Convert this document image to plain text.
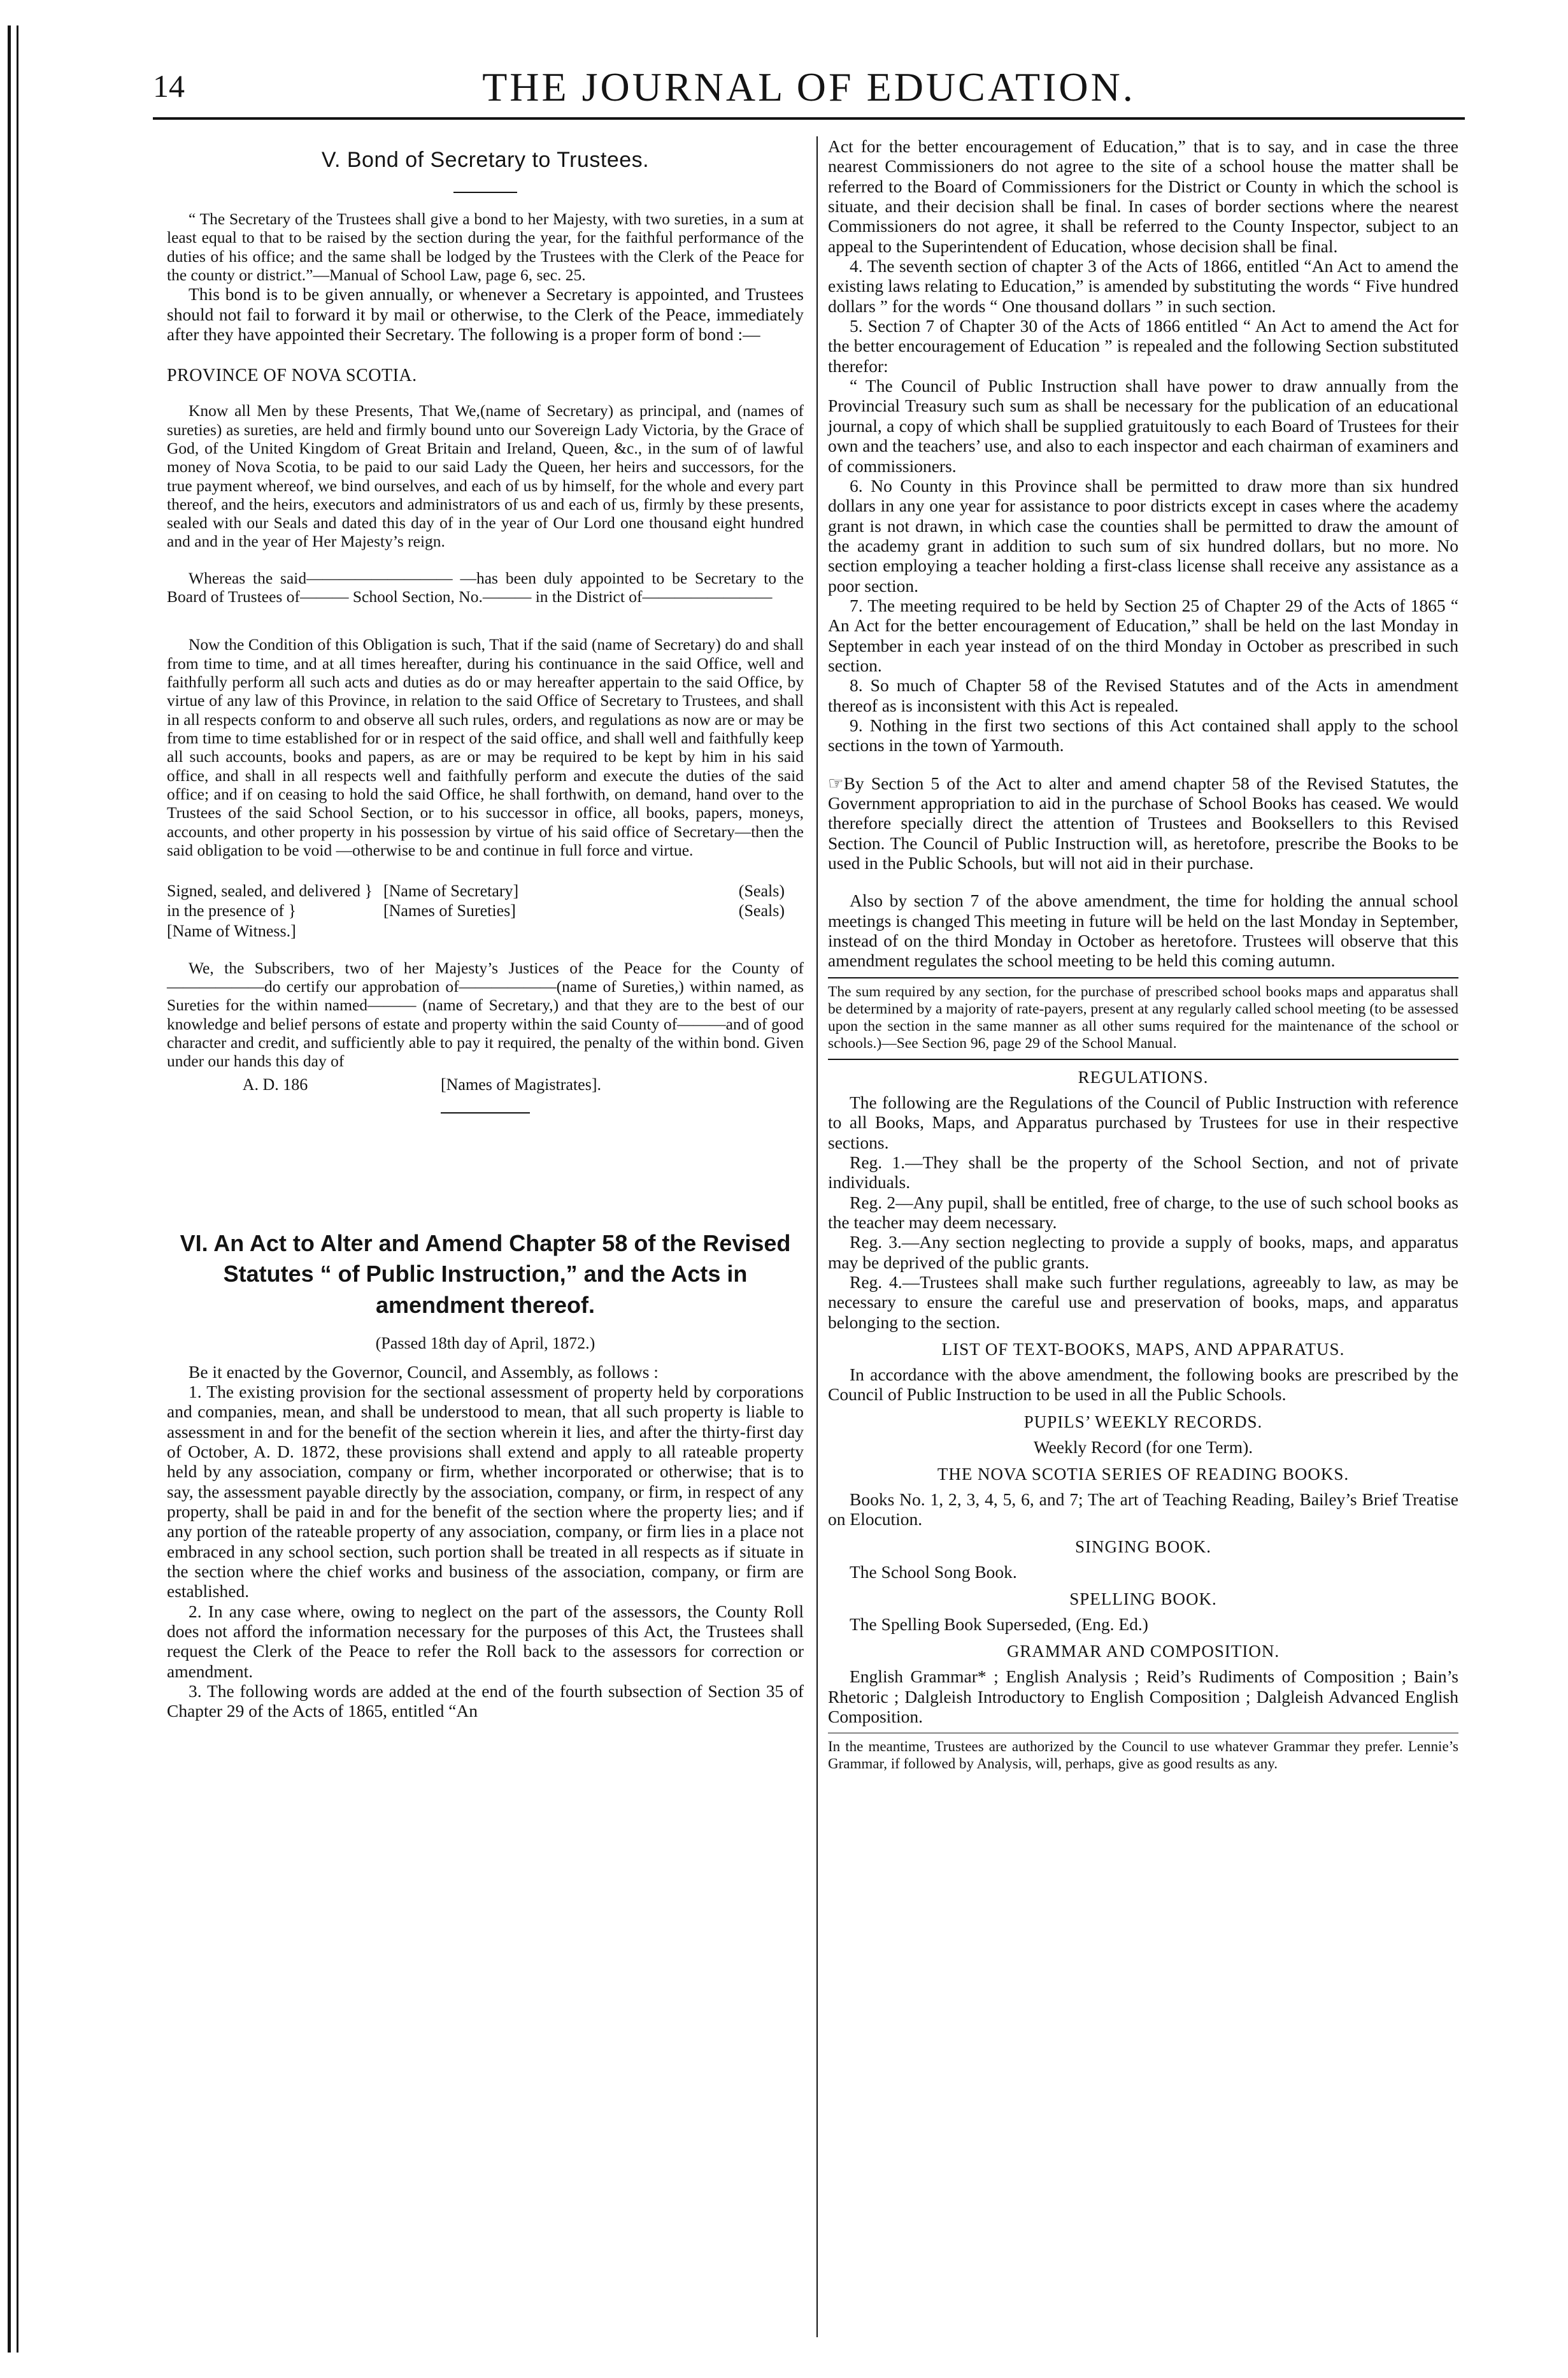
14	THE JOURNAL OF EDUCATION.
V. Bond of Secretary to Trustees.

“ The Secretary of the Trustees shall give a bond to her Majesty, with two sureties, in a sum at least equal to that to be raised by the section during the year, for the faithful performance of the duties of his office; and the same shall be lodged by the Trustees with the Clerk of the Peace for the county or district.”—Manual of School Law, page 6, sec. 25.

This bond is to be given annually, or whenever a Secretary is appointed, and Trustees should not fail to forward it by mail or otherwise, to the Clerk of the Peace, immediately after they have appointed their Secretary. The following is a proper form of bond :—

PROVINCE OF NOVA SCOTIA.

Know all Men by these Presents, That We,(name of Secretary) as principal, and (names of sureties) as sureties, are held and firmly bound unto our Sovereign Lady Victoria, by the Grace of God, of the United Kingdom of Great Britain and Ireland, Queen, &c., in the sum of of lawful money of Nova Scotia, to be paid to our said Lady the Queen, her heirs and successors, for the true payment whereof, we bind ourselves, and each of us by himself, for the whole and every part thereof, and the heirs, executors and administrators of us and each of us, firmly by these presents, sealed with our Seals and dated this day of in the year of Our Lord one thousand eight hundred and and in the year of Her Majesty’s reign.

Whereas the said————————— —has been duly appointed to be Secretary to the Board of Trustees of——— School Section, No.——— in the District of————————

Now the Condition of this Obligation is such, That if the said (name of Secretary) do and shall from time to time, and at all times hereafter, during his continuance in the said Office, well and faithfully perform all such acts and duties as do or may hereafter appertain to the said Office, by virtue of any law of this Province, in relation to the said Office of Secretary to Trustees, and shall in all respects conform to and observe all such rules, orders, and regulations as now are or may be from time to time established for or in respect of the said office, and shall well and faithfully keep all such accounts, books and papers, as are or may be required to be kept by him in his said office, and shall in all respects well and faithfully perform and execute the duties of the said office; and if on ceasing to hold the said Office, he shall forthwith, on demand, hand over to the Trustees of the said School Section, or to his successor in office, all books, papers, moneys, accounts, and other property in his possession by virtue of his said office of Secretary—then the said obligation to be void —otherwise to be and continue in full force and virtue.

Signed, sealed, and delivered } [Name of Secretary]	(Seals)
in the presence of }	[Names of Sureties]	(Seals)
[Name of Witness.]

We, the Subscribers, two of her Majesty’s Justices of the Peace for the County of——————do certify our approbation of——————(name of Sureties,) within named, as Sureties for the within named——— (name of Secretary,) and that they are to the best of our knowledge and belief persons of estate and property within the said County of———and of good character and credit, and sufficiently able to pay it required, the penalty of the within bond. Given under our hands this day of

A. D. 186	[Names of Magistrates].
VI. An Act to Alter and Amend Chapter 58 of the Revised Statutes “ of Public Instruction,” and the Acts in amendment thereof.
(Passed 18th day of April, 1872.)

Be it enacted by the Governor, Council, and Assembly, as follows :

1. The existing provision for the sectional assessment of property held by corporations and companies, mean, and shall be understood to mean, that all such property is liable to assessment in and for the benefit of the section wherein it lies, and after the thirty-first day of October, A. D. 1872, these provisions shall extend and apply to all rateable property held by any association, company or firm, whether incorporated or otherwise; that is to say, the assessment payable directly by the association, company, or firm, in respect of any property, shall be paid in and for the benefit of the section where the property lies; and if any portion of the rateable property of any association, company, or firm lies in a place not embraced in any school section, such portion shall be treated in all respects as if situate in the section where the chief works and business of the association, company, or firm are established.

2. In any case where, owing to neglect on the part of the assessors, the County Roll does not afford the information necessary for the purposes of this Act, the Trustees shall request the Clerk of the Peace to refer the Roll back to the assessors for correction or amendment.

3. The following words are added at the end of the fourth subsection of Section 35 of Chapter 29 of the Acts of 1865, entitled “An

Act for the better encouragement of Education,” that is to say, and in case the three nearest Commissioners do not agree to the site of a school house the matter shall be referred to the Board of Commissioners for the District or County in which the school is situate, and their decision shall be final. In cases of border sections where the nearest Commissioners do not agree, it shall be referred to the County Inspector, subject to an appeal to the Superintendent of Education, whose decision shall be final.

4. The seventh section of chapter 3 of the Acts of 1866, entitled “An Act to amend the existing laws relating to Education,” is amended by substituting the words “ Five hundred dollars ” for the words “ One thousand dollars ” in such section.

5. Section 7 of Chapter 30 of the Acts of 1866 entitled “ An Act to amend the Act for the better encouragement of Education ” is repealed and the following Section substituted therefor:

“ The Council of Public Instruction shall have power to draw annually from the Provincial Treasury such sum as shall be necessary for the publication of an educational journal, a copy of which shall be supplied gratuitously to each Board of Trustees for their own and the teachers’ use, and also to each inspector and each chairman of examiners and of commissioners.

6. No County in this Province shall be permitted to draw more than six hundred dollars in any one year for assistance to poor districts except in cases where the academy grant is not drawn, in which case the counties shall be permitted to draw the amount of the academy grant in addition to such sum of six hundred dollars, but no more. No section employing a teacher holding a first-class license shall receive any assistance as a poor section.

7. The meeting required to be held by Section 25 of Chapter 29 of the Acts of 1865 “ An Act for the better encouragement of Education,” shall be held on the last Monday in September in each year instead of on the third Monday in October as prescribed in such section.

8. So much of Chapter 58 of the Revised Statutes and of the Acts in amendment thereof as is inconsistent with this Act is repealed.

9. Nothing in the first two sections of this Act contained shall apply to the school sections in the town of Yarmouth.

☞By Section 5 of the Act to alter and amend chapter 58 of the Revised Statutes, the Government appropriation to aid in the purchase of School Books has ceased. We would therefore specially direct the attention of Trustees and Booksellers to this Revised Section. The Council of Public Instruction will, as heretofore, prescribe the Books to be used in the Public Schools, but will not aid in their purchase.

Also by section 7 of the above amendment, the time for holding the annual school meetings is changed This meeting in future will be held on the last Monday in September, instead of on the third Monday in October as heretofore. Trustees will observe that this amendment regulates the school meeting to be held this coming autumn.

The sum required by any section, for the purchase of prescribed school books maps and apparatus shall be determined by a majority of rate-payers, present at any regularly called school meeting (to be assessed upon the section in the same manner as all other sums required for the maintenance of the school or schools.)—See Section 96, page 29 of the School Manual.

REGULATIONS.

The following are the Regulations of the Council of Public Instruction with reference to all Books, Maps, and Apparatus purchased by Trustees for use in their respective sections.

Reg. 1.—They shall be the property of the School Section, and not of private individuals.

Reg. 2—Any pupil, shall be entitled, free of charge, to the use of such school books as the teacher may deem necessary.

Reg. 3.—Any section neglecting to provide a supply of books, maps, and apparatus may be deprived of the public grants.

Reg. 4.—Trustees shall make such further regulations, agreeably to law, as may be necessary to ensure the careful use and preservation of books, maps, and apparatus belonging to the section.

LIST OF TEXT-BOOKS, MAPS, AND APPARATUS.

In accordance with the above amendment, the following books are prescribed by the Council of Public Instruction to be used in all the Public Schools.

PUPILS’ WEEKLY RECORDS.

Weekly Record (for one Term).

THE NOVA SCOTIA SERIES OF READING BOOKS.

Books No. 1, 2, 3, 4, 5, 6, and 7; The art of Teaching Reading, Bailey’s Brief Treatise on Elocution.

SINGING BOOK.

The School Song Book.

SPELLING BOOK.

The Spelling Book Superseded, (Eng. Ed.)

GRAMMAR AND COMPOSITION.

English Grammar* ; English Analysis ; Reid’s Rudiments of Composition ; Bain’s Rhetoric ; Dalgleish Introductory to English Composition ; Dalgleish Advanced English Composition.

In the meantime, Trustees are authorized by the Council to use whatever Grammar they prefer. Lennie’s Grammar, if followed by Analysis, will, perhaps, give as good results as any.
